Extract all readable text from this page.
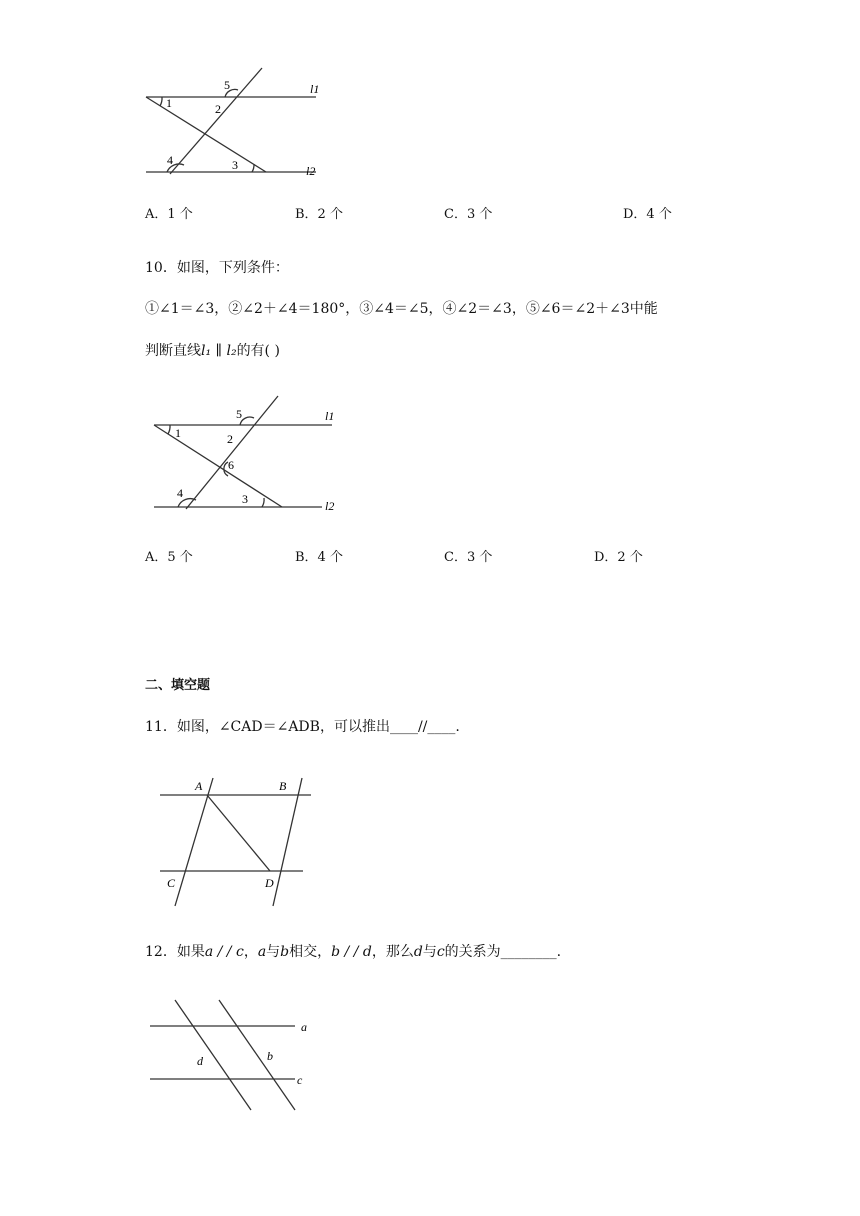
1	2
3
4
5	l1
l2
A．1 个	B．2 个	C．3 个	D．4 个
10．如图，下列条件：
①∠1＝∠3，②∠2＋∠4＝180°，③∠4＝∠5，④∠2＝∠3，⑤∠6＝∠2＋∠3中能
判断直线l₁ ∥ l₂的有( )
1	2
3
4
5
6
l1
l2
A．5 个	B．4 个	C．3 个	D．2 个
二、填空题
11．如图，∠CAD＝∠ADB，可以推出____//____.
A	B
C	D
12．如果a / / c，a与b相交，b / / d，那么d与c的关系为________.
a
b
c
d
